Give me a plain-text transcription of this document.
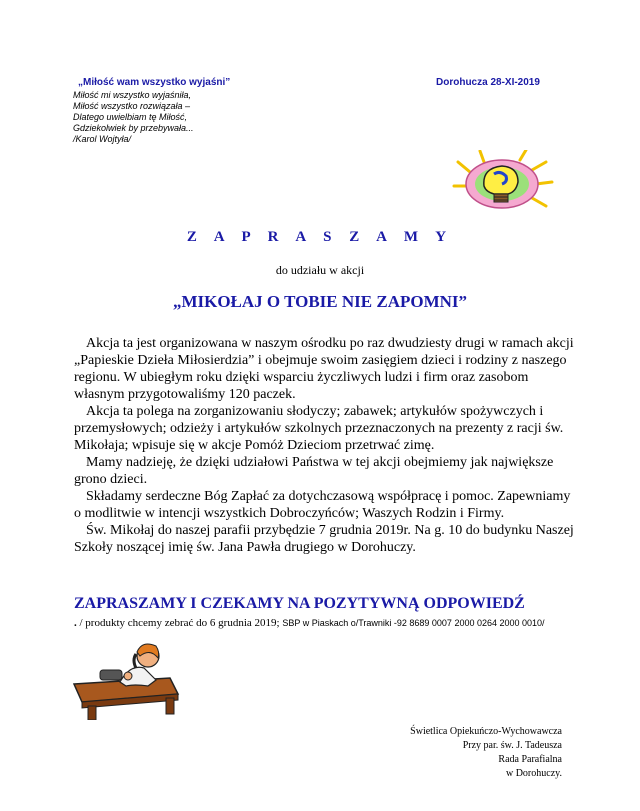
„Miłość wam wszystko wyjaśni”
Miłość mi wszystko wyjaśniła,
Miłość wszystko rozwiązała –
Dlatego uwielbiam tę Miłość,
Gdziekolwiek by przebywała...
/Karol Wojtyła/
Dorohucza 28-XI-2019
Z A P R A S Z A M Y
do udziału w akcji
„MIKOŁAJ O TOBIE NIE ZAPOMNI”

Akcja ta jest organizowana w naszym ośrodku po raz dwudziesty drugi w ramach akcji „Papieskie Dzieła Miłosierdzia” i obejmuje swoim zasięgiem dzieci i rodziny z naszego regionu. W ubiegłym roku dzięki wsparciu życzliwych ludzi i firm oraz zasobom własnym przygotowaliśmy 120 paczek.

Akcja ta polega na zorganizowaniu słodyczy; zabawek; artykułów spożywczych i przemysłowych; odzieży i artykułów szkolnych przeznaczonych na prezenty z racji św. Mikołaja; wpisuje się w akcje Pomóż Dzieciom przetrwać zimę.

Mamy nadzieję, że dzięki udziałowi Państwa w tej akcji obejmiemy jak największe grono dzieci.

Składamy serdeczne Bóg Zapłać za dotychczasową współpracę i pomoc. Zapewniamy o modlitwie w intencji wszystkich Dobroczyńców; Waszych Rodzin i Firmy.

Św. Mikołaj do naszej parafii przybędzie 7 grudnia 2019r. Na g. 10 do budynku Naszej Szkoły noszącej imię św. Jana Pawła drugiego w Dorohuczy.

ZAPRASZAMY I CZEKAMY NA POZYTYWNĄ ODPOWIEDŹ
. / produkty chcemy zebrać do 6 grudnia 2019; SBP w Piaskach o/Trawniki -92 8689 0007 2000 0264 2000 0010/
Świetlica Opiekuńczo-Wychowawcza
Przy par. św. J. Tadeusza
Rada Parafialna
w Dorohuczy.
